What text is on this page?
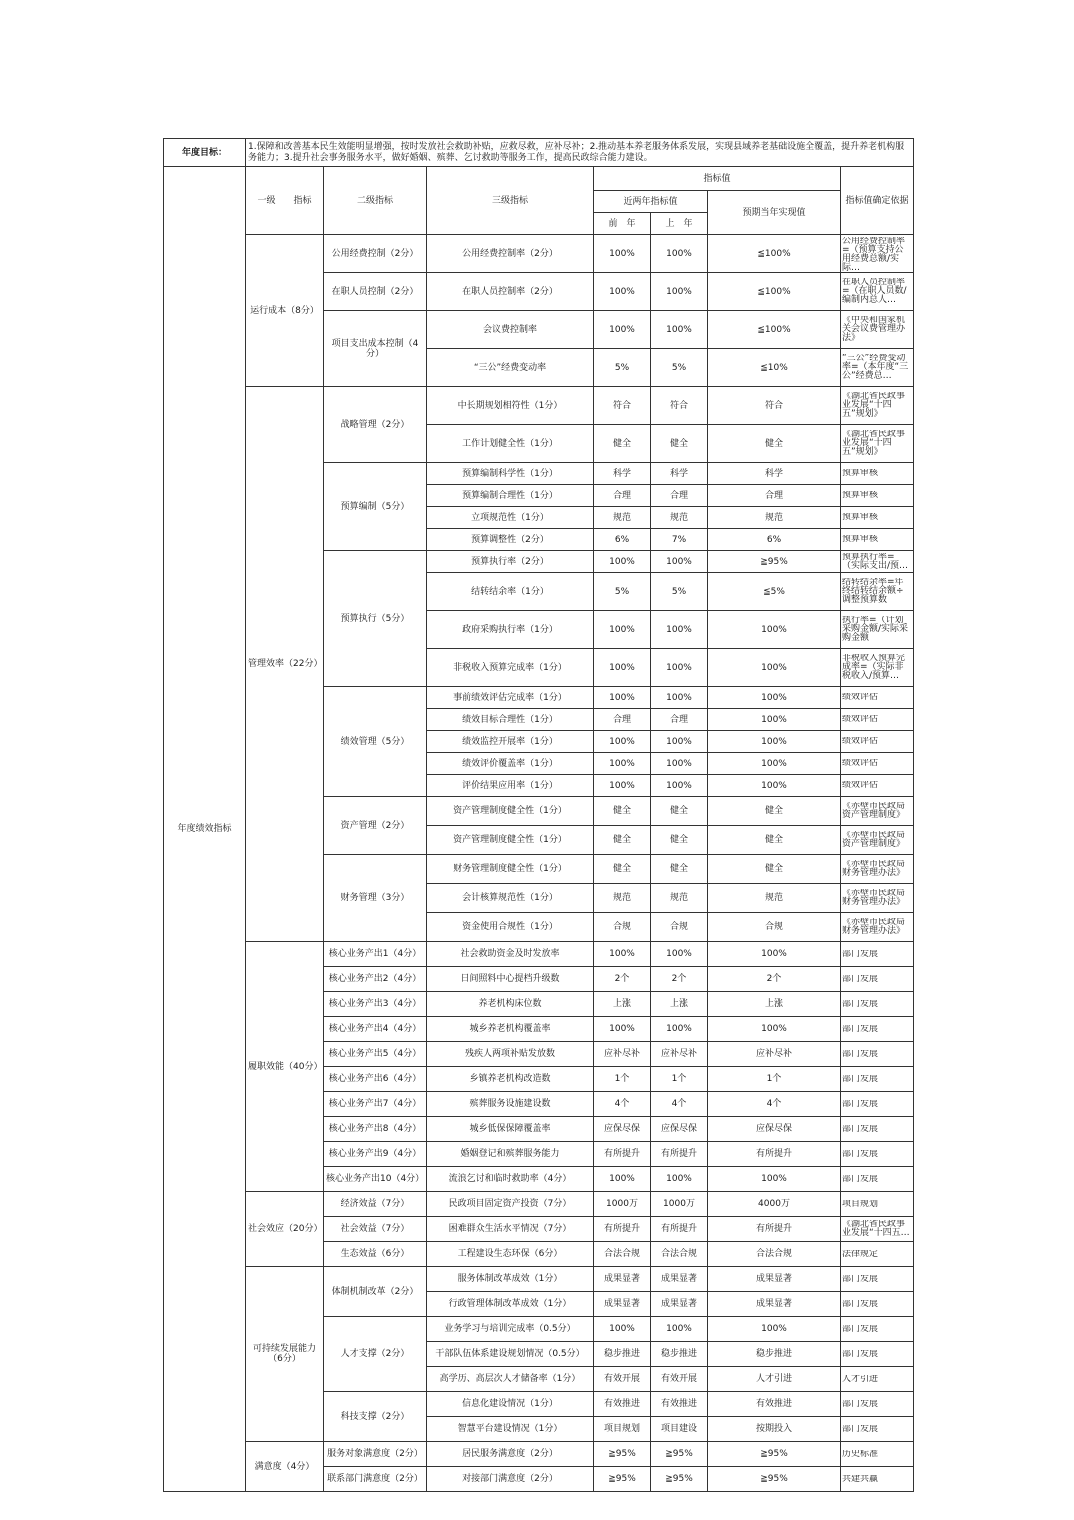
年度目标：	1.保障和改善基本民生效能明显增强，按时发放社会救助补贴，应救尽救，应补尽补；2.推动基本养老服务体系发展，实现县域养老基础设施全覆盖，提升养老机构服务能力；3.提升社会事务服务水平，做好婚姻、殡葬、乞讨救助等服务工作，提高民政综合能力建设。						
年度绩效指标	一级　　指标	二级指标	三级指标	指标值			指标值确定依据
				近两年指标值		预期当年实现值	
				前　年	上　年		
	运行成本（8分）	公用经费控制（2分）	公用经费控制率（2分）	100%	100%	≦100%	公用经费控制率=（预算支持公用经费总额/实际…

		在职人员控制（2分）	在职人员控制率（2分）	100%	100%	≦100%	在职人员控制率=（在职人员数/编制内总人…

		项目支出成本控制（4分）	会议费控制率	100%	100%	≦100%	《中央和国家机关会议费管理办法》

			“三公”经费变动率	5%	5%	≦10%	“三公”经费变动率=（本年度“三公”经费总…

	管理效率（22分）	战略管理（2分）	中长期规划相符性（1分）	符合	符合	符合	《湖北省民政事业发展“十四五”规划》

			工作计划健全性（1分）	健全	健全	健全	《湖北省民政事业发展“十四五”规划》

		预算编制（5分）	预算编制科学性（1分）	科学	科学	科学	预算审核

			预算编制合理性（1分）	合理	合理	合理	预算审核

			立项规范性（1分）	规范	规范	规范	预算审核

			预算调整性（2分）	6%	7%	6%	预算审核

		预算执行（5分）	预算执行率（2分）	100%	100%	≧95%	预算执行率=（实际支出/预…

			结转结余率（1分）	5%	5%	≦5%	结转结余率=年终结转结余额÷调整预算数

			政府采购执行率（1分）	100%	100%	100%	执行率=（计划采购金额/实际采购金额

			非税收入预算完成率（1分）	100%	100%	100%	非税收入预算完成率=（实际非税收入/预算…

		绩效管理（5分）	事前绩效评估完成率（1分）	100%	100%	100%	绩效评估

			绩效目标合理性（1分）	合理	合理	100%	绩效评估

			绩效监控开展率（1分）	100%	100%	100%	绩效评估

			绩效评价覆盖率（1分）	100%	100%	100%	绩效评估

			评价结果应用率（1分）	100%	100%	100%	绩效评估

		资产管理（2分）	资产管理制度健全性（1分）	健全	健全	健全	《赤壁市民政局资产管理制度》

			资产管理制度健全性（1分）	健全	健全	健全	《赤壁市民政局资产管理制度》

		财务管理（3分）	财务管理制度健全性（1分）	健全	健全	健全	《赤壁市民政局财务管理办法》

			会计核算规范性（1分）	规范	规范	规范	《赤壁市民政局财务管理办法》

			资金使用合规性（1分）	合规	合规	合规	《赤壁市民政局财务管理办法》

	履职效能（40分）	核心业务产出1（4分）	社会救助资金及时发放率	100%	100%	100%	部门发展

		核心业务产出2（4分）	日间照料中心提档升级数	2个	2个	2个	部门发展

		核心业务产出3（4分）	养老机构床位数	上涨	上涨	上涨	部门发展

		核心业务产出4（4分）	城乡养老机构覆盖率	100%	100%	100%	部门发展

		核心业务产出5（4分）	残疾人两项补贴发放数	应补尽补	应补尽补	应补尽补	部门发展

		核心业务产出6（4分）	乡镇养老机构改造数	1个	1个	1个	部门发展

		核心业务产出7（4分）	殡葬服务设施建设数	4个	4个	4个	部门发展

		核心业务产出8（4分）	城乡低保保障覆盖率	应保尽保	应保尽保	应保尽保	部门发展

		核心业务产出9（4分）	婚姻登记和殡葬服务能力	有所提升	有所提升	有所提升	部门发展

		核心业务产出10（4分）	流浪乞讨和临时救助率（4分）	100%	100%	100%	部门发展

	社会效应（20分）	经济效益（7分）	民政项目固定资产投资（7分）	1000万	1000万	4000万	项目规划

		社会效益（7分）	困难群众生活水平情况（7分）	有所提升	有所提升	有所提升	《湖北省民政事业发展“十四五…

		生态效益（6分）	工程建设生态环保（6分）	合法合规	合法合规	合法合规	法律规定

	可持续发展能力（6分）	体制机制改革（2分）	服务体制改革成效（1分）	成果显著	成果显著	成果显著	部门发展

			行政管理体制改革成效（1分）	成果显著	成果显著	成果显著	部门发展

		人才支撑（2分）	业务学习与培训完成率（0.5分）	100%	100%	100%	部门发展

			干部队伍体系建设规划情况（0.5分）	稳步推进	稳步推进	稳步推进	部门发展

			高学历、高层次人才储备率（1分）	有效开展	有效开展	人才引进	人才引进

		科技支撑（2分）	信息化建设情况（1分）	有效推进	有效推进	有效推进	部门发展

			智慧平台建设情况（1分）	项目规划	项目建设	按期投入	部门发展

	满意度（4分）	服务对象满意度（2分）	居民服务满意度（2分）	≧95%	≧95%	≧95%	历史标准

		联系部门满意度（2分）	对接部门满意度（2分）	≧95%	≧95%	≧95%	共建共赢
